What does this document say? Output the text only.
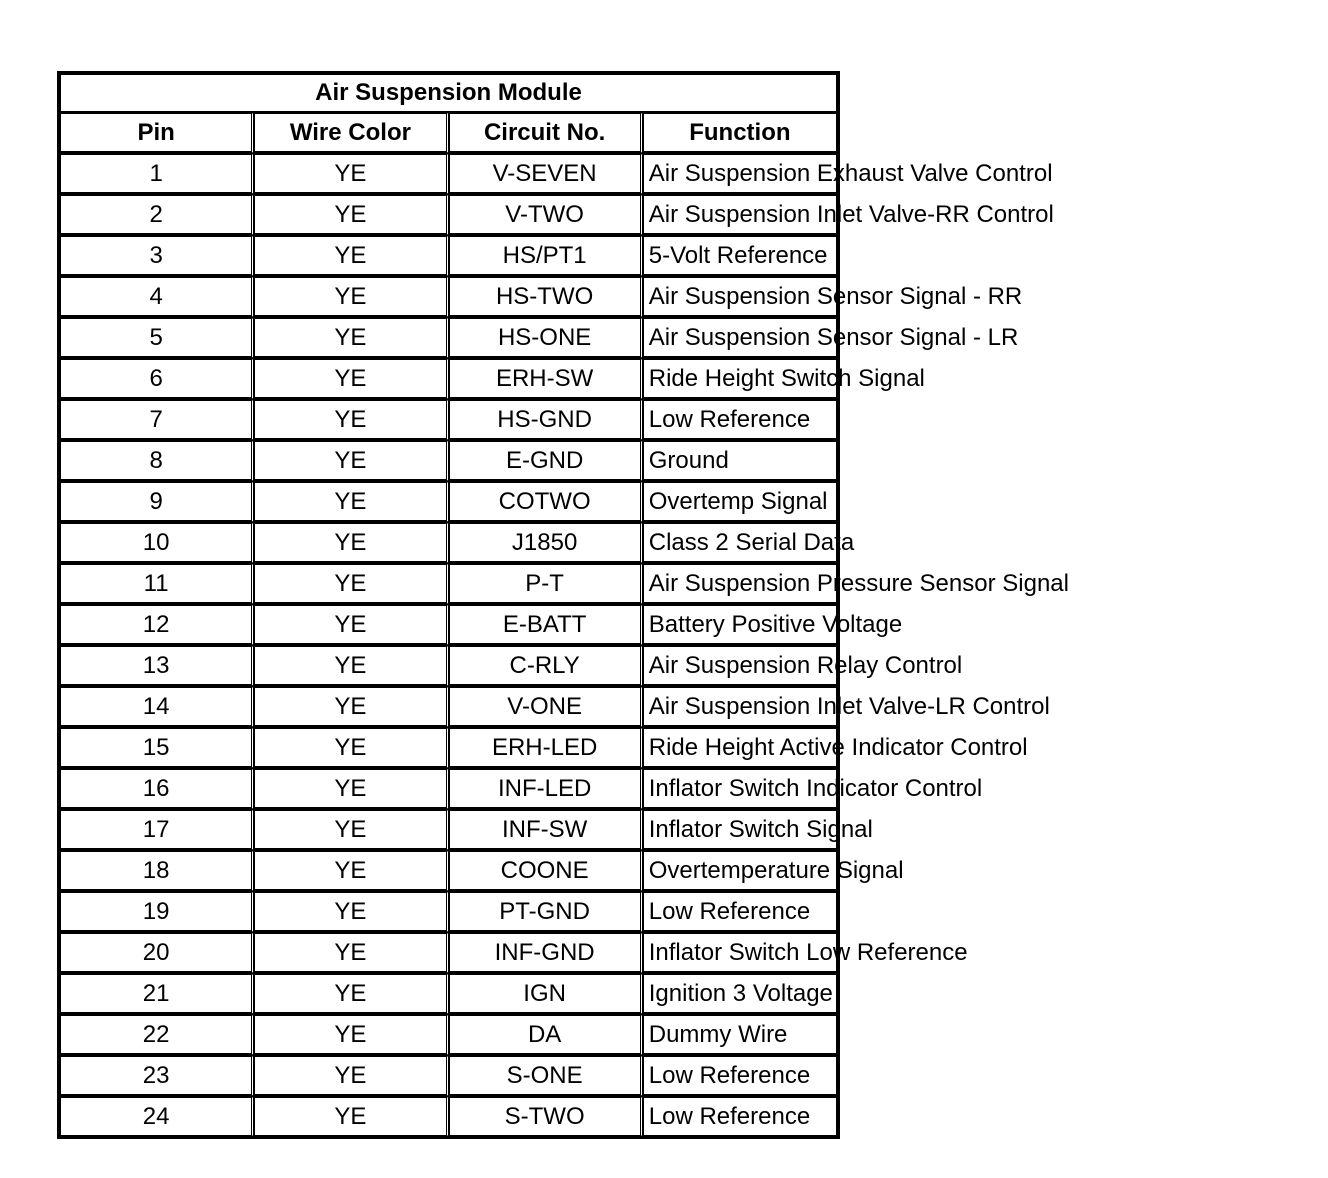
Air Suspension Module			
Pin	Wire Color	Circuit No.	Function
1	YE	V-SEVEN	Air Suspension Exhaust Valve Control
2	YE	V-TWO	Air Suspension Inlet Valve-RR Control
3	YE	HS/PT1	5-Volt Reference
4	YE	HS-TWO	Air Suspension Sensor Signal - RR
5	YE	HS-ONE	Air Suspension Sensor Signal - LR
6	YE	ERH-SW	Ride Height Switch Signal
7	YE	HS-GND	Low Reference
8	YE	E-GND	Ground
9	YE	COTWO	Overtemp Signal
10	YE	J1850	Class 2 Serial Data
11	YE	P-T	Air Suspension Pressure Sensor Signal
12	YE	E-BATT	Battery Positive Voltage
13	YE	C-RLY	Air Suspension Relay Control
14	YE	V-ONE	Air Suspension Inlet Valve-LR Control
15	YE	ERH-LED	Ride Height Active Indicator Control
16	YE	INF-LED	Inflator Switch Indicator Control
17	YE	INF-SW	Inflator Switch Signal
18	YE	COONE	Overtemperature Signal
19	YE	PT-GND	Low Reference
20	YE	INF-GND	Inflator Switch Low Reference
21	YE	IGN	Ignition 3 Voltage
22	YE	DA	Dummy Wire
23	YE	S-ONE	Low Reference
24	YE	S-TWO	Low Reference
